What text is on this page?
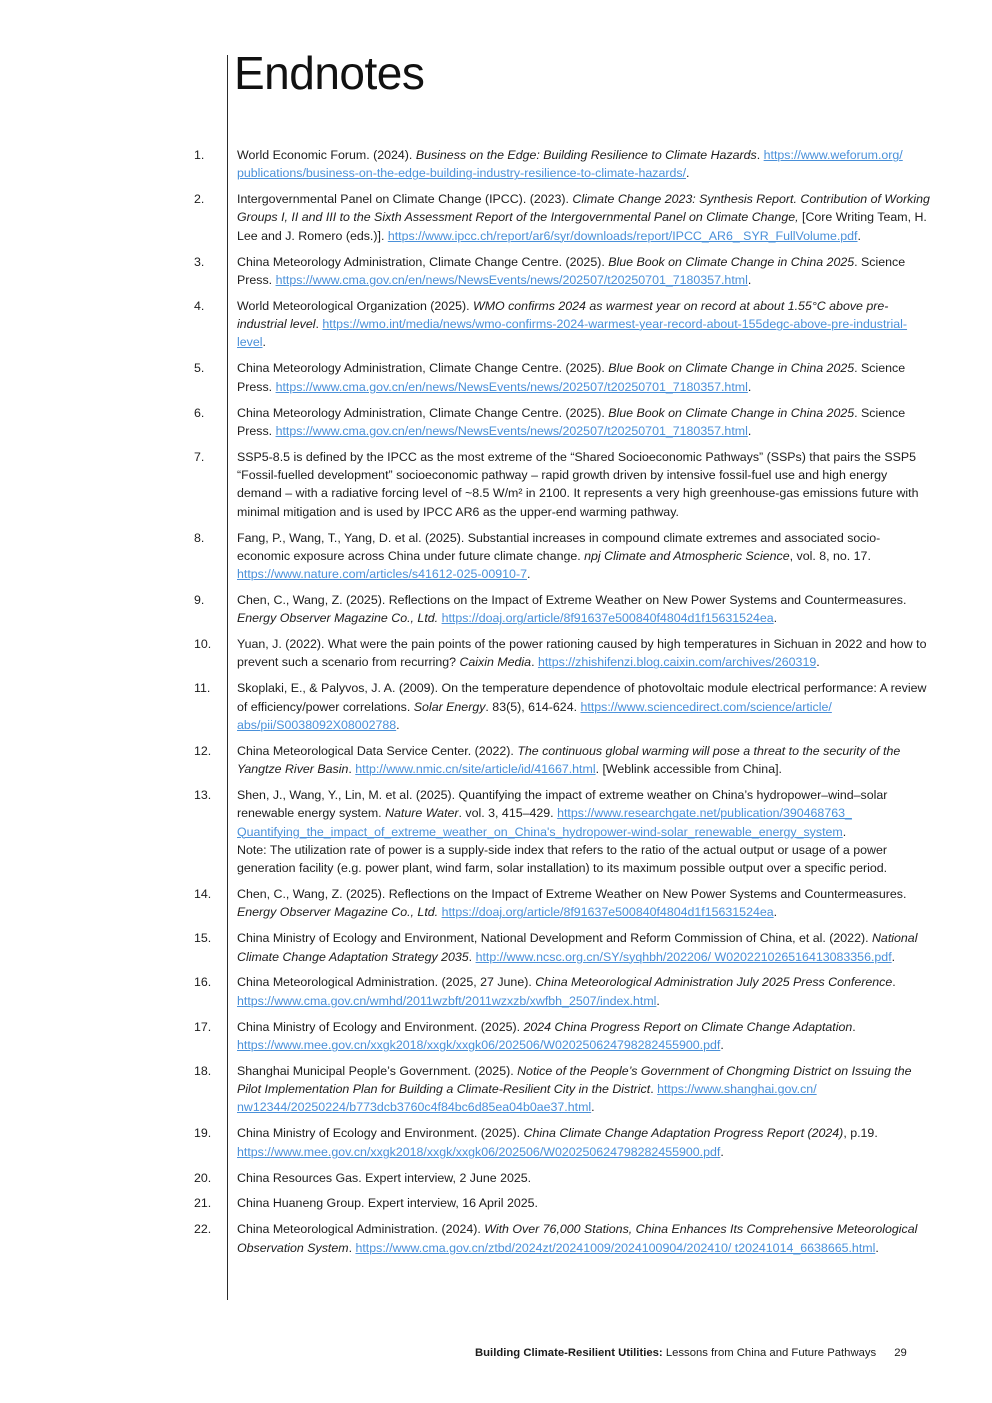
Endnotes
1.	World Economic Forum. (2024). Business on the Edge: Building Resilience to Climate Hazards. https://www.weforum.org/ publications/business-on-the-edge-building-industry-resilience-to-climate-hazards/.
2.	Intergovernmental Panel on Climate Change (IPCC). (2023). Climate Change 2023: Synthesis Report. Contribution of Working Groups I, II and III to the Sixth Assessment Report of the Intergovernmental Panel on Climate Change, [Core Writing Team, H. Lee and J. Romero (eds.)]. https://www.ipcc.ch/report/ar6/syr/downloads/report/IPCC_AR6_ SYR_FullVolume.pdf.
3.	China Meteorology Administration, Climate Change Centre. (2025). Blue Book on Climate Change in China 2025. Science Press. https://www.cma.gov.cn/en/news/NewsEvents/news/202507/t20250701_7180357.html.
4.	World Meteorological Organization (2025). WMO confirms 2024 as warmest year on record at about 1.55°C above pre-industrial level. https://wmo.int/media/news/wmo-confirms-2024-warmest-year-record-about-155degc-above-pre-industrial-level.
5.	China Meteorology Administration, Climate Change Centre. (2025). Blue Book on Climate Change in China 2025. Science Press. https://www.cma.gov.cn/en/news/NewsEvents/news/202507/t20250701_7180357.html.
6.	China Meteorology Administration, Climate Change Centre. (2025). Blue Book on Climate Change in China 2025. Science Press. https://www.cma.gov.cn/en/news/NewsEvents/news/202507/t20250701_7180357.html.
7.	SSP5-8.5 is defined by the IPCC as the most extreme of the “Shared Socioeconomic Pathways” (SSPs) that pairs the SSP5 “Fossil-fuelled development” socioeconomic pathway – rapid growth driven by intensive fossil-fuel use and high energy demand – with a radiative forcing level of ~8.5 W/m² in 2100. It represents a very high greenhouse-gas emissions future with minimal mitigation and is used by IPCC AR6 as the upper-end warming pathway.
8.	Fang, P., Wang, T., Yang, D. et al. (2025). Substantial increases in compound climate extremes and associated socio-economic exposure across China under future climate change. npj Climate and Atmospheric Science, vol. 8, no. 17. https://www.nature.com/articles/s41612-025-00910-7.
9.	Chen, C., Wang, Z. (2025). Reflections on the Impact of Extreme Weather on New Power Systems and Countermeasures. Energy Observer Magazine Co., Ltd. https://doaj.org/article/8f91637e500840f4804d1f15631524ea.
10. Yuan, J. (2022). What were the pain points of the power rationing caused by high temperatures in Sichuan in 2022 and how to prevent such a scenario from recurring? Caixin Media. https://zhishifenzi.blog.caixin.com/archives/260319.
11. Skoplaki, E., & Palyvos, J. A. (2009). On the temperature dependence of photovoltaic module electrical performance: A review of efficiency/power correlations. Solar Energy. 83(5), 614-624. https://www.sciencedirect.com/science/article/ abs/pii/S0038092X08002788.
12. China Meteorological Data Service Center. (2022). The continuous global warming will pose a threat to the security of the Yangtze River Basin. http://www.nmic.cn/site/article/id/41667.html. [Weblink accessible from China].
13. Shen, J., Wang, Y., Lin, M. et al. (2025). Quantifying the impact of extreme weather on China’s hydropower–wind–solar renewable energy system. Nature Water. vol. 3, 415–429. https://www.researchgate.net/publication/390468763_ Quantifying_the_impact_of_extreme_weather_on_China's_hydropower-wind-solar_renewable_energy_system.
Note: The utilization rate of power is a supply-side index that refers to the ratio of the actual output or usage of a power generation facility (e.g. power plant, wind farm, solar installation) to its maximum possible output over a specific period.
14. Chen, C., Wang, Z. (2025). Reflections on the Impact of Extreme Weather on New Power Systems and Countermeasures. Energy Observer Magazine Co., Ltd. https://doaj.org/article/8f91637e500840f4804d1f15631524ea.
15. China Ministry of Ecology and Environment, National Development and Reform Commission of China, et al. (2022). National Climate Change Adaptation Strategy 2035. http://www.ncsc.org.cn/SY/syqhbh/202206/ W020221026516413083356.pdf.
16. China Meteorological Administration. (2025, 27 June). China Meteorological Administration July 2025 Press Conference. https://www.cma.gov.cn/wmhd/2011wzbft/2011wzxzb/xwfbh_2507/index.html.
17. China Ministry of Ecology and Environment. (2025). 2024 China Progress Report on Climate Change Adaptation. https://www.mee.gov.cn/xxgk2018/xxgk/xxgk06/202506/W020250624798282455900.pdf.
18. Shanghai Municipal People’s Government. (2025). Notice of the People’s Government of Chongming District on Issuing the Pilot Implementation Plan for Building a Climate-Resilient City in the District. https://www.shanghai.gov.cn/ nw12344/20250224/b773dcb3760c4f84bc6d85ea04b0ae37.html.
19. China Ministry of Ecology and Environment. (2025). China Climate Change Adaptation Progress Report (2024), p.19. https://www.mee.gov.cn/xxgk2018/xxgk/xxgk06/202506/W020250624798282455900.pdf.
20. China Resources Gas. Expert interview, 2 June 2025.
21. China Huaneng Group. Expert interview, 16 April 2025.
22. China Meteorological Administration. (2024). With Over 76,000 Stations, China Enhances Its Comprehensive Meteorological Observation System. https://www.cma.gov.cn/ztbd/2024zt/20241009/2024100904/202410/ t20241014_6638665.html.
Building Climate-Resilient Utilities: Lessons from China and Future Pathways 29
